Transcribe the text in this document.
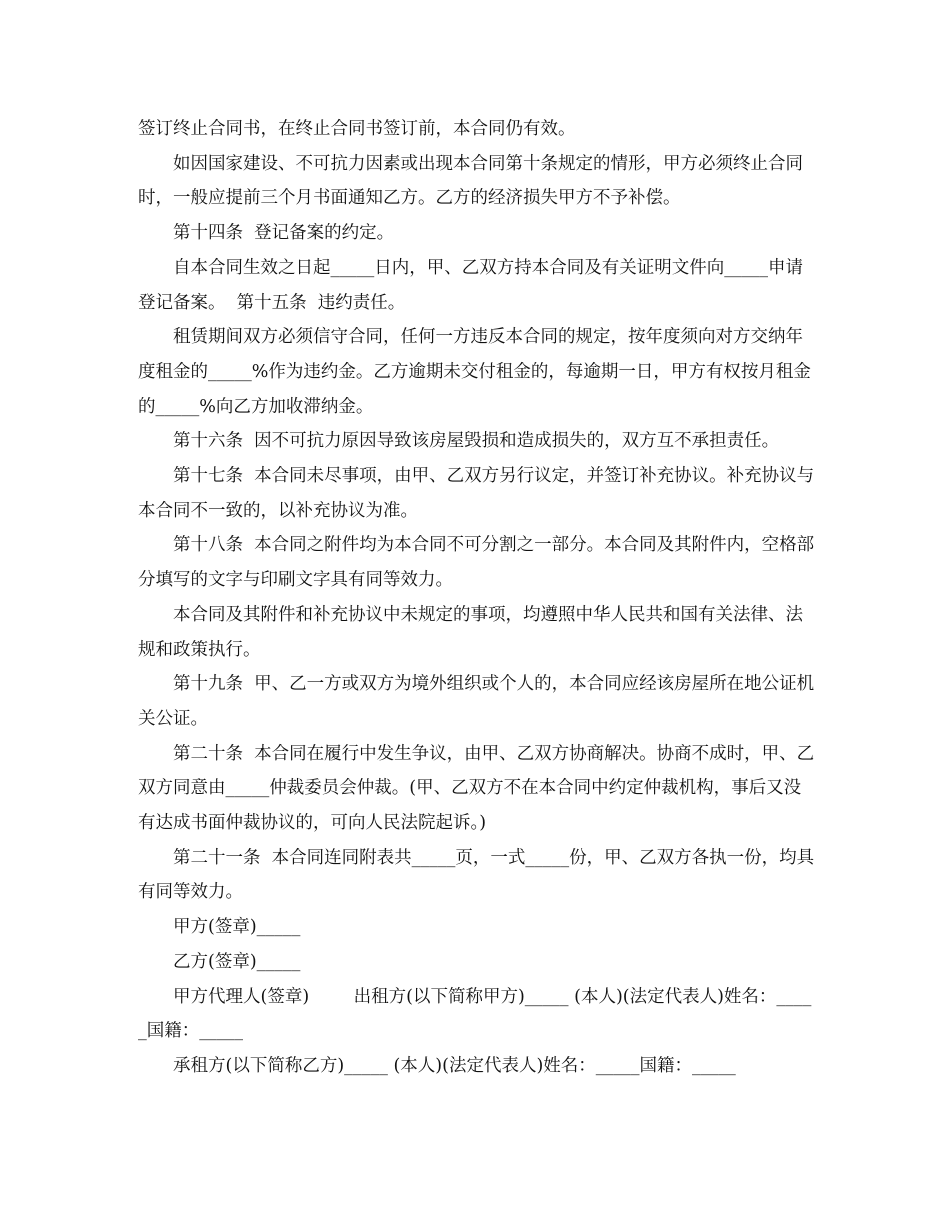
签订终止合同书，在终止合同书签订前，本合同仍有效。

如因国家建设、不可抗力因素或出现本合同第十条规定的情形，甲方必须终止合同时，一般应提前三个月书面通知乙方。乙方的经济损失甲方不予补偿。

第十四条  登记备案的约定。

自本合同生效之日起_____日内，甲、乙双方持本合同及有关证明文件向_____申请登记备案。  第十五条  违约责任。

租赁期间双方必须信守合同，任何一方违反本合同的规定，按年度须向对方交纳年度租金的_____%作为违约金。乙方逾期未交付租金的，每逾期一日，甲方有权按月租金的_____%向乙方加收滞纳金。

第十六条  因不可抗力原因导致该房屋毁损和造成损失的，双方互不承担责任。

第十七条  本合同未尽事项，由甲、乙双方另行议定，并签订补充协议。补充协议与本合同不一致的，以补充协议为准。

第十八条  本合同之附件均为本合同不可分割之一部分。本合同及其附件内，空格部分填写的文字与印刷文字具有同等效力。

本合同及其附件和补充协议中未规定的事项，均遵照中华人民共和国有关法律、法规和政策执行。

第十九条  甲、乙一方或双方为境外组织或个人的，本合同应经该房屋所在地公证机关公证。

第二十条  本合同在履行中发生争议，由甲、乙双方协商解决。协商不成时，甲、乙双方同意由_____仲裁委员会仲裁。(甲、乙双方不在本合同中约定仲裁机构，事后又没有达成书面仲裁协议的，可向人民法院起诉。)

第二十一条  本合同连同附表共_____页，一式_____份，甲、乙双方各执一份，均具有同等效力。

甲方(签章)_____

乙方(签章)_____

甲方代理人(签章)        出租方(以下简称甲方)_____ (本人)(法定代表人)姓名：_____国籍：_____

承租方(以下简称乙方)_____ (本人)(法定代表人)姓名：_____国籍：_____
